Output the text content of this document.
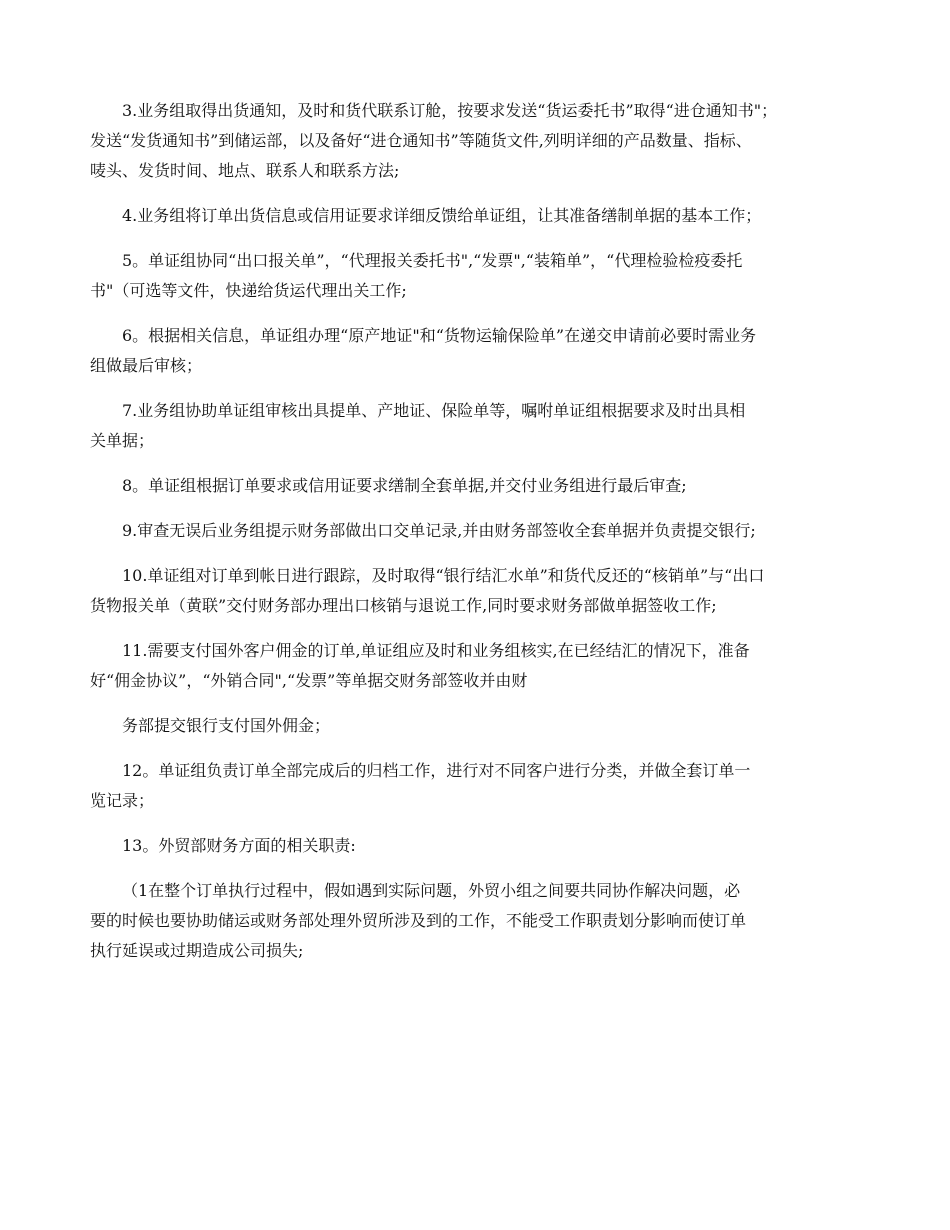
3.业务组取得出货通知，及时和货代联系订舱，按要求发送“货运委托书”取得“进仓通知书"；
发送“发货通知书”到储运部，以及备好“进仓通知书”等随货文件,列明详细的产品数量、指标、
唛头、发货时间、地点、联系人和联系方法;

4.业务组将订单出货信息或信用证要求详细反馈给单证组，让其准备缮制单据的基本工作；

5。单证组协同“出口报关单”，“代理报关委托书",“发票",“装箱单”，“代理检验检疫委托
书"（可选等文件，快递给货运代理出关工作;

6。根据相关信息，单证组办理“原产地证"和“货物运输保险单”在递交申请前必要时需业务
组做最后审核；

7.业务组协助单证组审核出具提单、产地证、保险单等，嘱咐单证组根据要求及时出具相
关单据；

8。单证组根据订单要求或信用证要求缮制全套单据,并交付业务组进行最后审查;

9.审查无误后业务组提示财务部做出口交单记录,并由财务部签收全套单据并负责提交银行;

10.单证组对订单到帐日进行跟踪，及时取得“银行结汇水单”和货代反还的“核销单”与“出口
货物报关单（黄联”交付财务部办理出口核销与退说工作,同时要求财务部做单据签收工作;

11.需要支付国外客户佣金的订单,单证组应及时和业务组核实,在已经结汇的情况下，准备
好“佣金协议”，“外销合同",“发票”等单据交财务部签收并由财

务部提交银行支付国外佣金；

12。单证组负责订单全部完成后的归档工作，进行对不同客户进行分类，并做全套订单一
览记录；

13。外贸部财务方面的相关职责:

（1在整个订单执行过程中，假如遇到实际问题，外贸小组之间要共同协作解决问题，必
要的时候也要协助储运或财务部处理外贸所涉及到的工作，不能受工作职责划分影响而使订单
执行延误或过期造成公司损失;
